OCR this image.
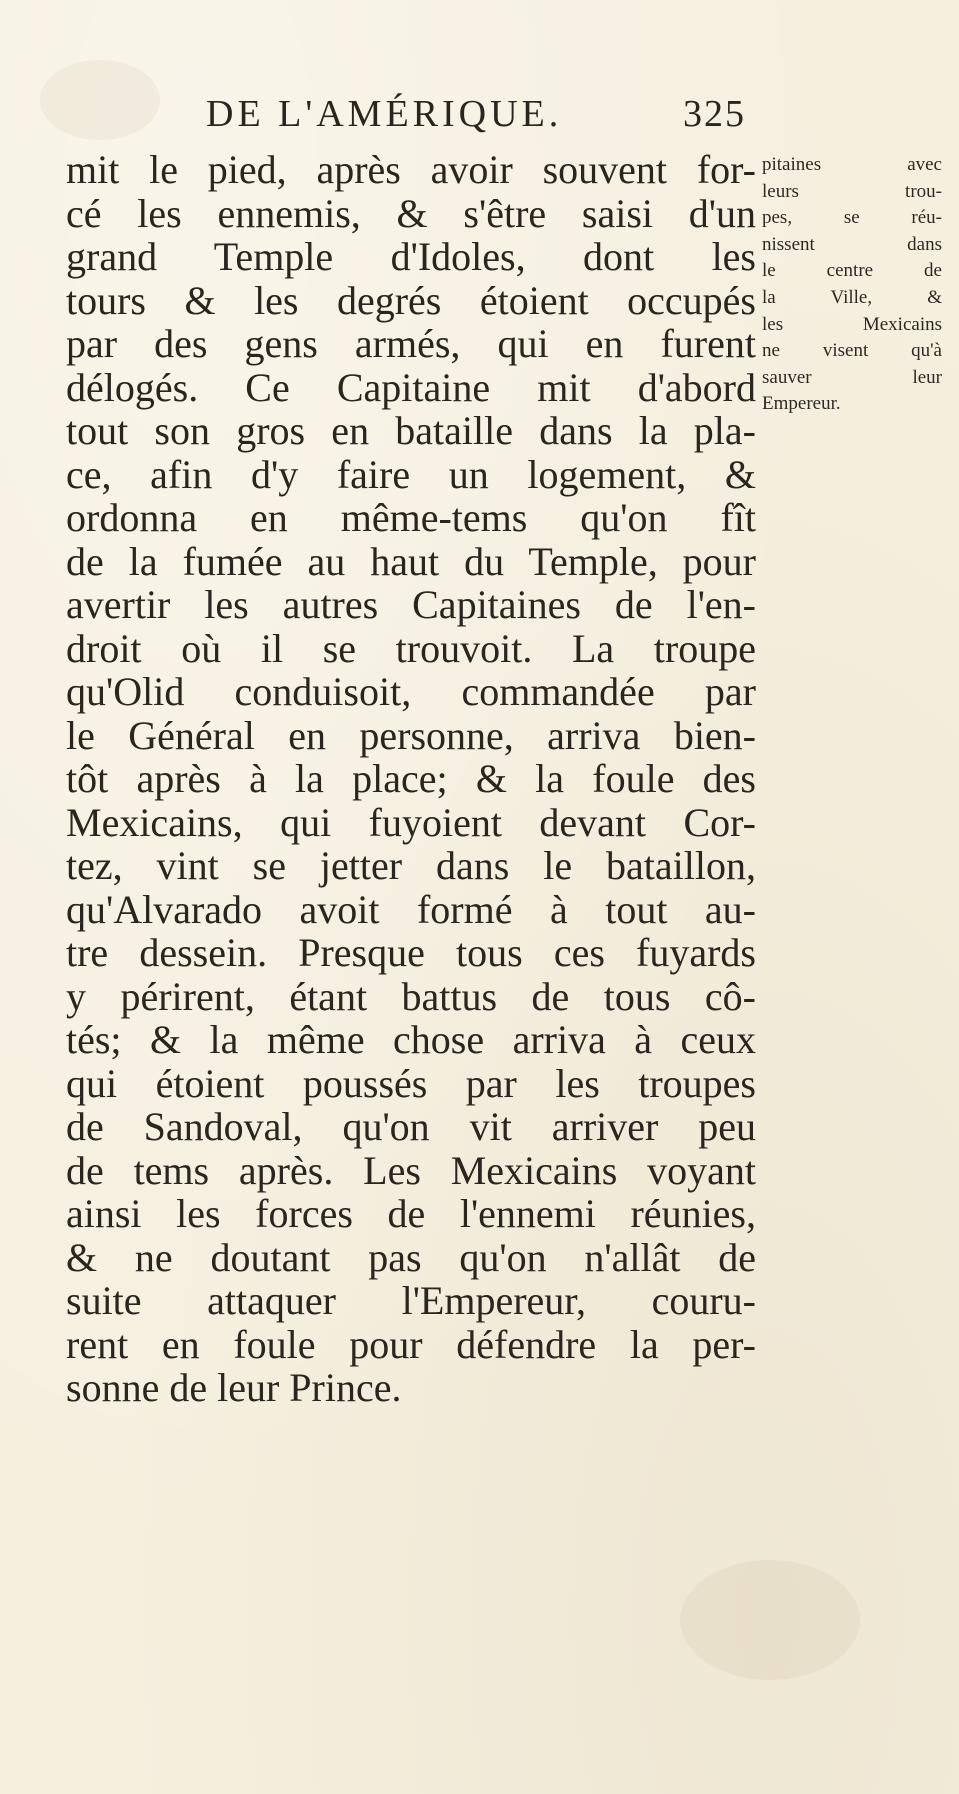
DE L'AMÉRIQUE.	325
mit le pied, après avoir souvent for-
cé les ennemis, & s'être saisi d'un
grand Temple d'Idoles, dont les
tours & les degrés étoient occupés
par des gens armés, qui en furent
délogés. Ce Capitaine mit d'abord
tout son gros en bataille dans la pla-
ce, afin d'y faire un logement, &
ordonna en même-tems qu'on fît
de la fumée au haut du Temple, pour
avertir les autres Capitaines de l'en-
droit où il se trouvoit. La troupe
qu'Olid conduisoit, commandée par
le Général en personne, arriva bien-
tôt après à la place; & la foule des
Mexicains, qui fuyoient devant Cor-
tez, vint se jetter dans le bataillon,
qu'Alvarado avoit formé à tout au-
tre dessein. Presque tous ces fuyards
y périrent, étant battus de tous cô-
tés; & la même chose arriva à ceux
qui étoient poussés par les troupes
de Sandoval, qu'on vit arriver peu
de tems après. Les Mexicains voyant
ainsi les forces de l'ennemi réunies,
& ne doutant pas qu'on n'allât de
suite attaquer l'Empereur, couru-
rent en foule pour défendre la per-
sonne de leur Prince.
pitaines avec
leurs trou-
pes, se réu-
nissent dans
le centre de
la Ville, &
les Mexicains
ne visent qu'à
sauver leur
Empereur.
